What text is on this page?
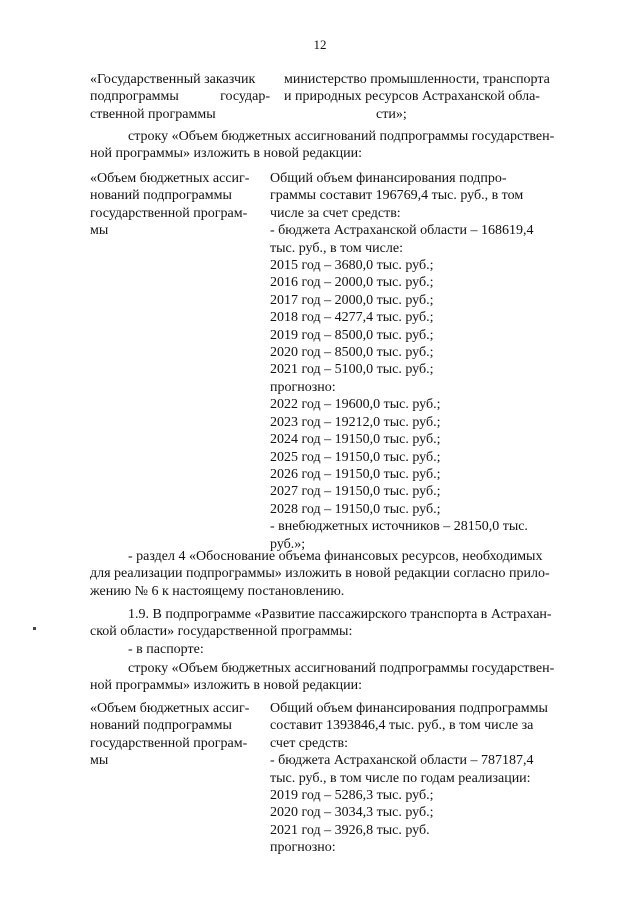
12
«Государственный заказчик
подпрограммы государ-
ственной программы
министерство промышленности, транспорта
и природных ресурсов Астраханской обла-
сти»;
строку «Объем бюджетных ассигнований подпрограммы государствен-
ной программы» изложить в новой редакции:
«Объем бюджетных ассиг-
нований подпрограммы
государственной програм-
мы
Общий объем финансирования подпро-
граммы составит 196769,4 тыс. руб., в том
числе за счет средств:
- бюджета Астраханской области – 168619,4
тыс. руб., в том числе:
2015 год – 3680,0 тыс. руб.;
2016 год – 2000,0 тыс. руб.;
2017 год – 2000,0 тыс. руб.;
2018 год – 4277,4 тыс. руб.;
2019 год – 8500,0 тыс. руб.;
2020 год – 8500,0 тыс. руб.;
2021 год – 5100,0 тыс. руб.;
прогнозно:
2022 год – 19600,0 тыс. руб.;
2023 год – 19212,0 тыс. руб.;
2024 год – 19150,0 тыс. руб.;
2025 год – 19150,0 тыс. руб.;
2026 год – 19150,0 тыс. руб.;
2027 год – 19150,0 тыс. руб.;
2028 год – 19150,0 тыс. руб.;
- внебюджетных источников – 28150,0 тыс.
руб.»;
- раздел 4 «Обоснование объема финансовых ресурсов, необходимых
для реализации подпрограммы» изложить в новой редакции согласно прило-
жению № 6 к настоящему постановлению.
1.9. В подпрограмме «Развитие пассажирского транспорта в Астрахан-
ской области» государственной программы:
- в паспорте:
строку «Объем бюджетных ассигнований подпрограммы государствен-
ной программы» изложить в новой редакции:
«Объем бюджетных ассиг-
нований подпрограммы
государственной програм-
мы
Общий объем финансирования подпрограммы
составит 1393846,4 тыс. руб., в том числе за
счет средств:
- бюджета Астраханской области – 787187,4
тыс. руб., в том числе по годам реализации:
2019 год – 5286,3 тыс. руб.;
2020 год – 3034,3 тыс. руб.;
2021 год – 3926,8 тыс. руб.
прогнозно:
